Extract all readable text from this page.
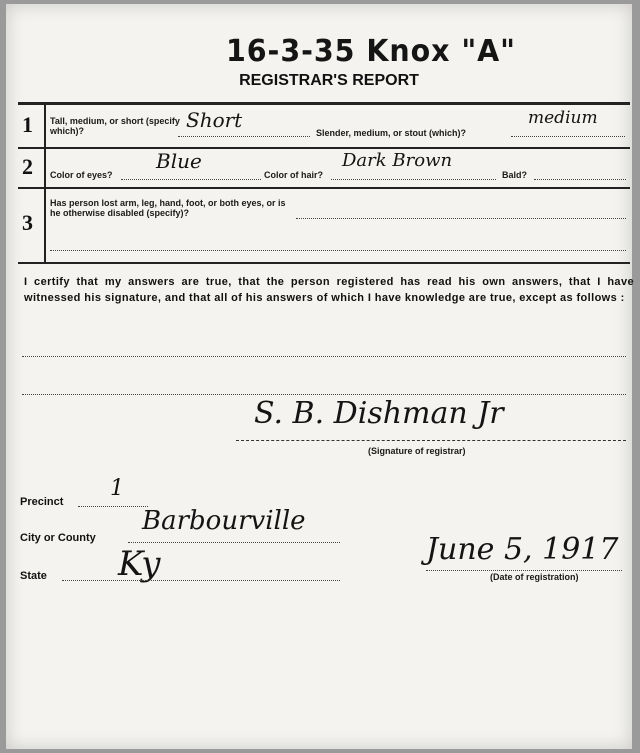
16-3-35 Knox "A"
REGISTRAR'S REPORT
1 Tall, medium, or short (specify which)?	Short
Slender, medium, or stout (which)?
medium
2 Color of eyes?
Blue
Color of hair?
Dark Brown
Bald?
3
Has person lost arm, leg, hand, foot, or both eyes, or is he otherwise disabled (specify)?
I certify that my answers are true, that the person registered has read his own answers, that I have witnessed his signature, and that all of his answers of which I have knowledge are true, except as follows :
S. B. Dishman Jr
(Signature of registrar)
Precinct
1
City or County
Barbourville
State Ky	June 5, 1917
(Date of registration)
